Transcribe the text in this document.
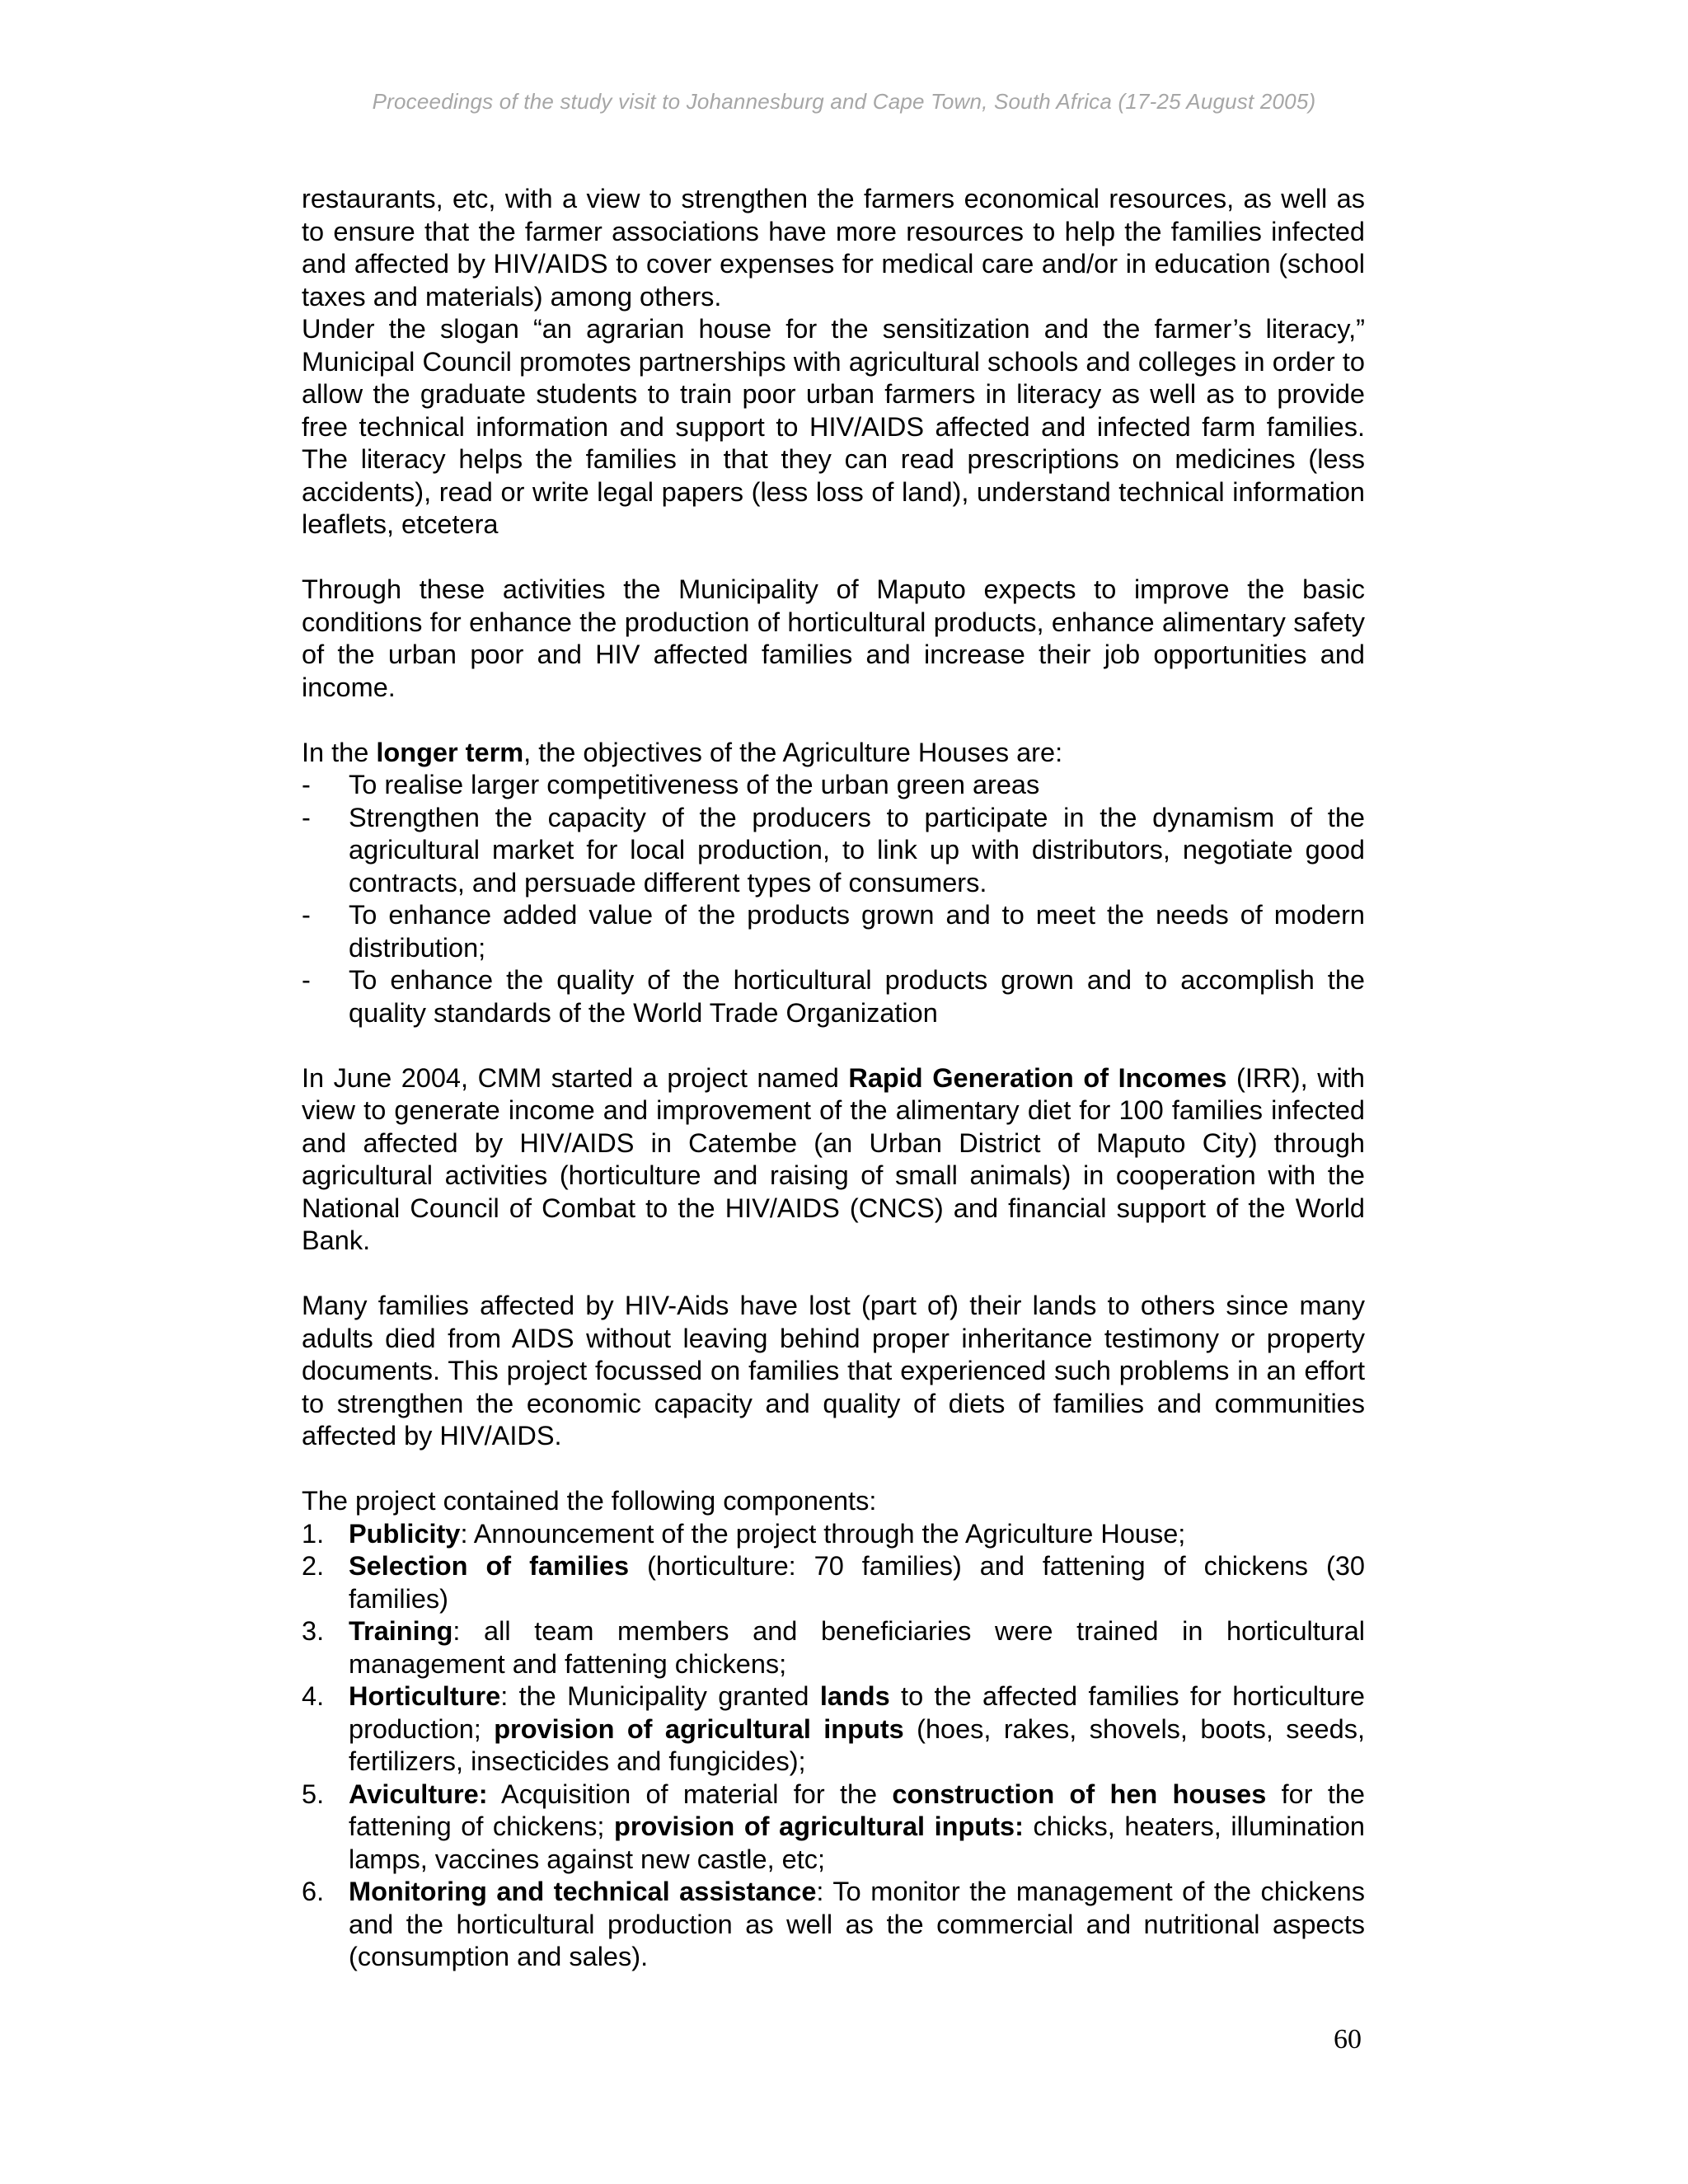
Proceedings of the study visit to Johannesburg and Cape Town, South Africa (17-25 August 2005)

restaurants, etc, with a view to strengthen the farmers economical resources, as well as to ensure that the farmer associations have more resources to help the families infected and affected by HIV/AIDS to cover expenses for medical care and/or in education (school taxes and materials) among others.

Under the slogan “an agrarian house for the sensitization and the farmer’s literacy,” Municipal Council promotes partnerships with agricultural schools and colleges in order to allow the graduate students to train poor urban farmers in literacy as well as to provide free technical information and support to HIV/AIDS affected and infected farm families. The literacy helps the families in that they can read prescriptions on medicines (less accidents), read or write legal papers (less loss of land), understand technical information leaflets, etcetera

Through these activities the Municipality of Maputo expects to improve the basic conditions for enhance the production of horticultural products, enhance alimentary safety of the urban poor and HIV affected families and increase their job opportunities and income.

In the longer term, the objectives of the Agriculture Houses are:

- To realise larger competitiveness of the urban green areas
- Strengthen the capacity of the producers to participate in the dynamism of the agricultural market for local production, to link up with distributors, negotiate good contracts, and persuade different types of consumers.
- To enhance added value of the products grown and to meet the needs of modern distribution;
- To enhance the quality of the horticultural products grown and to accomplish the quality standards of the World Trade Organization

In June 2004, CMM started a project named Rapid Generation of Incomes (IRR), with view to generate income and improvement of the alimentary diet for 100 families infected and affected by HIV/AIDS in Catembe (an Urban District of Maputo City) through agricultural activities (horticulture and raising of small animals) in cooperation with the National Council of Combat to the HIV/AIDS (CNCS) and financial support of the World Bank.

Many families affected by HIV-Aids have lost (part of) their lands to others since many adults died from AIDS without leaving behind proper inheritance testimony or property documents. This project focussed on families that experienced such problems in an effort to strengthen the economic capacity and quality of diets of families and communities affected by HIV/AIDS.

The project contained the following components:

1. Publicity: Announcement of the project through the Agriculture House;
2. Selection of families (horticulture: 70 families) and fattening of chickens (30 families)
3. Training: all team members and beneficiaries were trained in horticultural management and fattening chickens;
4. Horticulture: the Municipality granted lands to the affected families for horticulture production; provision of agricultural inputs (hoes, rakes, shovels, boots, seeds, fertilizers, insecticides and fungicides);
5. Aviculture: Acquisition of material for the construction of hen houses for the fattening of chickens; provision of agricultural inputs: chicks, heaters, illumination lamps, vaccines against new castle, etc;
6. Monitoring and technical assistance: To monitor the management of the chickens and the horticultural production as well as the commercial and nutritional aspects (consumption and sales).
60
